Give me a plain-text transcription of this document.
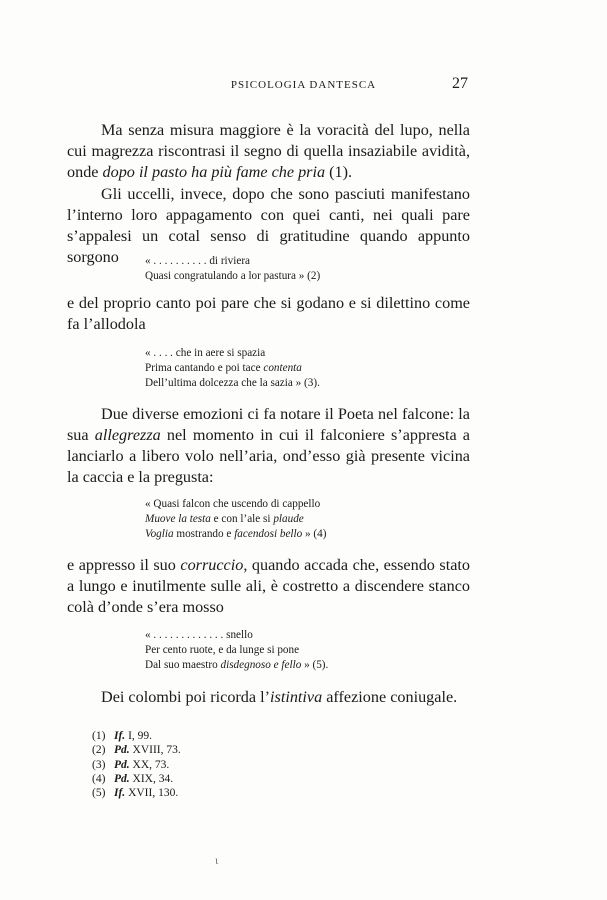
PSICOLOGIA DANTESCA	27
Ma senza misura maggiore è la voracità del lupo, nella cui magrezza riscontrasi il segno di quella insaziabile avidità, onde dopo il pasto ha più fame che pria (1).
Gli uccelli, invece, dopo che sono pasciuti manifestano l’interno loro appagamento con quei canti, nei quali pare s’appalesi un cotal senso di gratitudine quando appunto sorgono	« . . . . . . . . . . di riviera
Quasi congratulando a lor pastura » (2)
e del proprio canto poi pare che si godano e si dilettino come fa l’allodola
« . . . . che in aere si spazia
Prima cantando e poi tace contenta
Dell’ultima dolcezza che la sazia » (3).
Due diverse emozioni ci fa notare il Poeta nel falcone: la sua allegrezza nel momento in cui il falconiere s’appresta a lanciarlo a libero volo nell’aria, ond’esso già presente vicina la caccia e la pregusta:
« Quasi falcon che uscendo di cappello
Muove la testa e con l’ale si plaude
Voglia mostrando e facendosi bello » (4)
e appresso il suo corruccio, quando accada che, essendo stato a lungo e inutilmente sulle ali, è costretto a discendere stanco colà d’onde s’era mosso
« . . . . . . . . . . . . . snello
Per cento ruote, e da lunge si pone
Dal suo maestro disdegnoso e fello » (5).
Dei colombi poi ricorda l’istintiva affezione coniugale.
(1) If. I, 99.
(2) Pd. XVIII, 73.
(3) Pd. XX, 73.
(4) Pd. XIX, 34.
(5) If. XVII, 130.
ι
